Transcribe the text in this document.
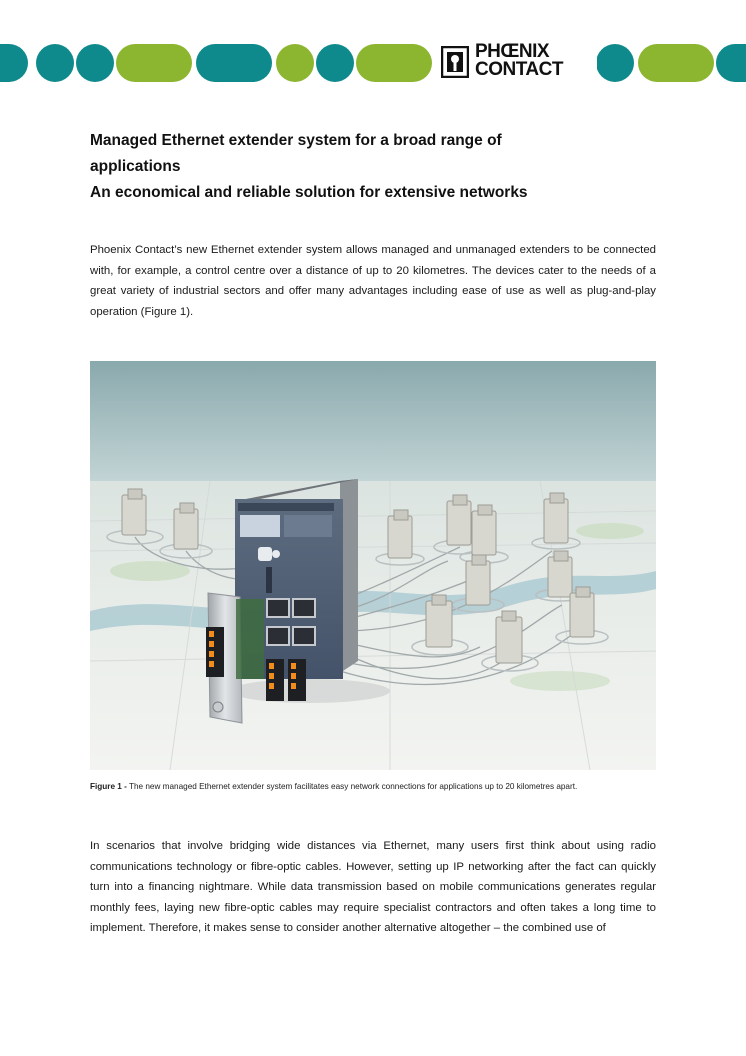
PHŒNIX
CONTACT
Managed Ethernet extender system for a broad range of
applications
An economical and reliable solution for extensive networks

Phoenix Contact’s new Ethernet extender system allows managed and unmanaged extenders to be connected with, for example, a control centre over a distance of up to 20 kilometres. The devices cater to the needs of a great variety of industrial sectors and offer many advantages including ease of use as well as plug-and-play operation (Figure 1).

Figure 1 - The new managed Ethernet extender system facilitates easy network connections for applications up to 20 kilometres apart.

In scenarios that involve bridging wide distances via Ethernet, many users first think about using radio communications technology or fibre-optic cables. However, setting up IP networking after the fact can quickly turn into a financing nightmare. While data transmission based on mobile communications generates regular monthly fees, laying new fibre-optic cables may require specialist contractors and often takes a long time to implement. Therefore, it makes sense to consider another alternative altogether – the combined use of
